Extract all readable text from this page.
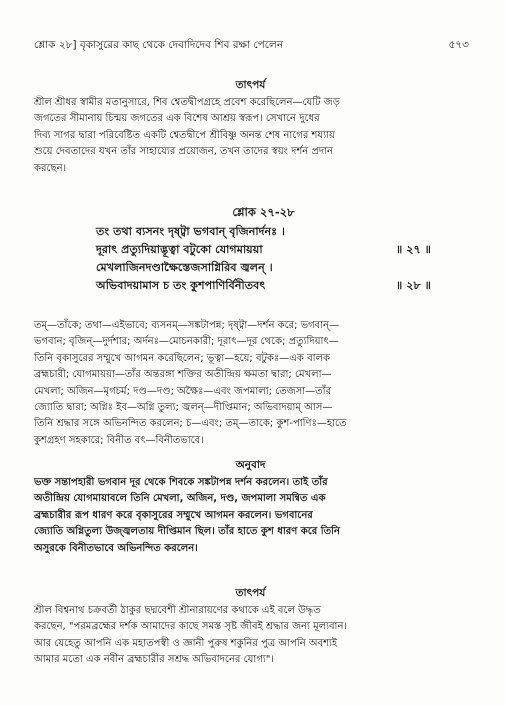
শ্লোক ২৮] বৃকাসুরের কাছ থেকে দেবাদিদেব শিব রক্ষা পেলেন	৫৭৩

তাৎপর্য

শ্রীল শ্রীধর স্বামীর মতানুসারে, শিব শ্বেতদ্বীপগ্রহে প্রবেশ করেছিলেন—যেটি জড়

জগতের সীমানায় চিন্ময় জগতের এক বিশেষ আশ্রয় স্বরূপ। সেখানে দুধের

দিব্য সাগর দ্বারা পরিবেষ্টিত একটি শ্বেতদ্বীপে শ্রীবিষ্ণু অনন্ত শেষ নাগের শয্যায়

শুয়ে দেবতাদের যখন তাঁর সাহায্যের প্রয়োজন, তখন তাদের স্বয়ং দর্শন প্রদান

করছেন।

শ্লোক ২৭-২৮

তং তথা ব্যসনং দৃষ্ট্বা ভগবান্ বৃজিনার্দনঃ ।
দূরাৎ প্রত্যুদিয়াদ্ভূত্বা বটুকো যোগমায়য়া	॥ ২৭ ॥
মেখলাজিনদণ্ডাক্ষৈস্তেজসাগ্নিরিব জ্বলন্ ।
অভিবাদয়ামাস চ তং কুশপাণির্বিনীতবৎ	॥ ২৮ ॥

তম্—তাঁকে; তথা—এইভাবে; ব্যসনম্—সঙ্কটাপন্ন; দৃষ্ট্বা—দর্শন করে; ভগবান্—

ভগবান; বৃজিন্—দুর্দশার; অর্দনঃ—মোচনকারী; দূরাৎ—দূর থেকে; প্রত্যুদিয়াৎ—

তিনি বৃকাসুরের সম্মুখে আগমন করেছিলেন; ভূত্বা—হয়ে; বটুকঃ—এক বালক

ব্রহ্মচারী; যোগমায়য়া—তাঁর অন্তরঙ্গা শক্তির অতীন্দ্রিয় ক্ষমতা দ্বারা; মেখলা—

মেখলা; অজিন—মৃগচর্ম; দণ্ড—দণ্ড; অক্ষৈঃ—এবং জপমালা; তেজসা—তাঁর

জ্যোতি দ্বারা; অগ্নিঃ ইব—অগ্নি তুল্য; জ্বলন্—দীপ্তিমান; অভিবাদয়াম্ আস—

তিনি শ্রদ্ধার সঙ্গে অভিনন্দিত করলেন; চ—এবং; তম্—তাকে; কুশ-পাণিঃ—হাতে

কুশগ্রহণ সহকারে; বিনীত বৎ—বিনীতভাবে।

অনুবাদ

ভক্ত সন্তাপহারী ভগবান দূর থেকে শিবকে সঙ্কটাপন্ন দর্শন করলেন। তাই তাঁর

অতীন্দ্রিয় যোগমায়াবলে তিনি মেখলা, অজিন, দণ্ড, জপমালা সমন্বিত এক

ব্রহ্মচারীর রূপ ধারণ করে বৃকাসুরের সম্মুখে আগমন করলেন। ভগবানের

জ্যোতি অগ্নিতুল্য উজ্জ্বলতায় দীপ্তিমান ছিল। তাঁর হাতে কুশ ধারণ করে তিনি

অসুরকে বিনীতভাবে অভিনন্দিত করলেন।

তাৎপর্য

শ্রীল বিশ্বনাথ চক্রবর্তী ঠাকুর ছদ্মবেশী শ্রীনারায়ণের কথাকে এই বলে উদ্ধৃত

করছেন, "পরমব্রহ্মের দর্শক আমাদের কাছে সমস্ত সৃষ্ট জীবই শ্রদ্ধার জন্য মূল্যবান।

আর যেহেতু আপনি এক মহাতপস্বী ও জ্ঞানী পুরুষ শকুনির পুত্র আপনি অবশ্যই

আমার মতো এক নবীন ব্রহ্মচারীর সশ্রদ্ধ অভিবাদনের যোগ্য"।
